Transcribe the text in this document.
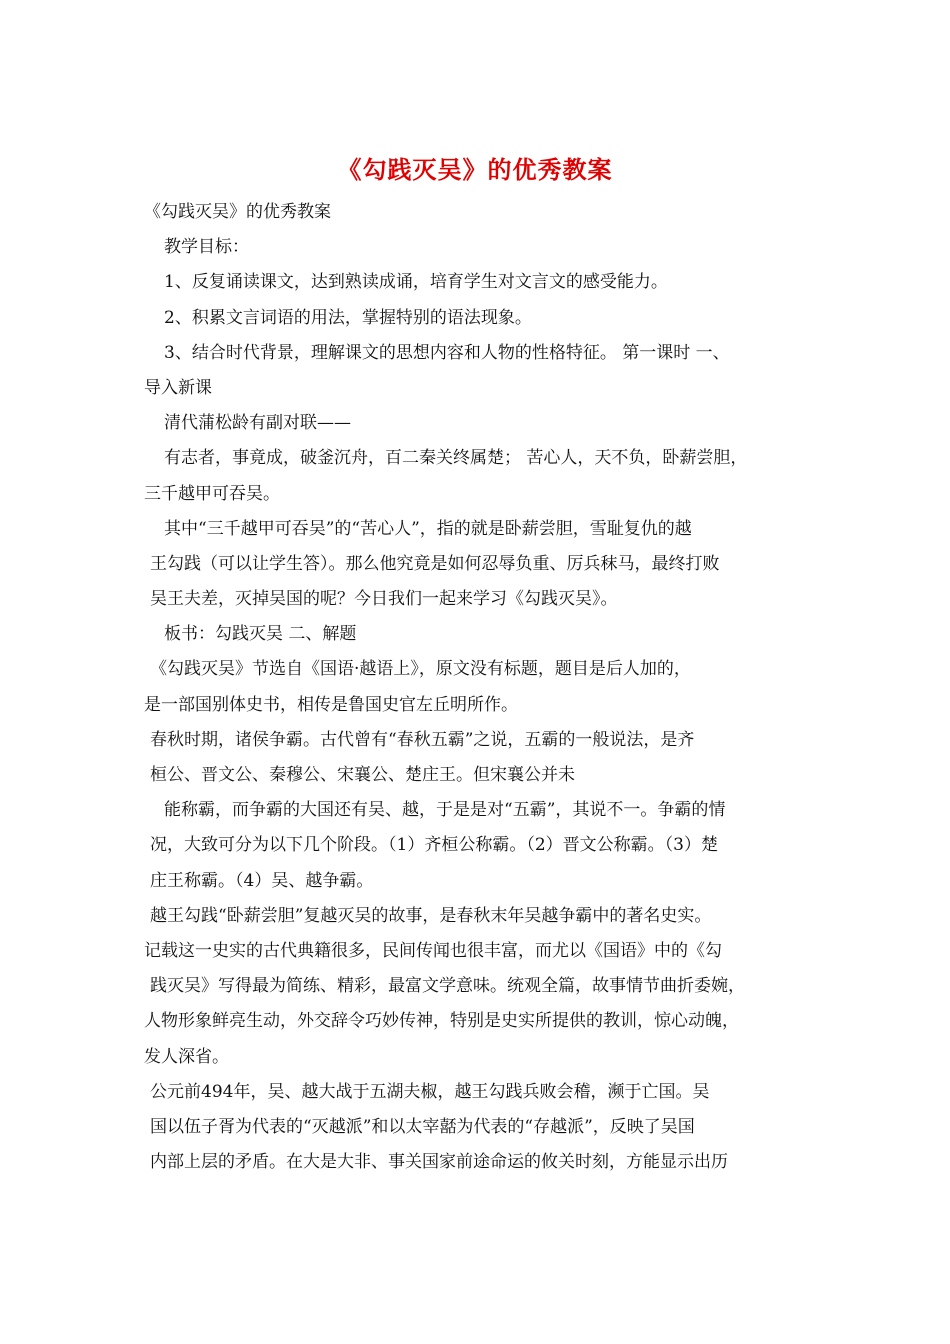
《勾践灭吴》的优秀教案
《勾践灭吴》的优秀教案
教学目标：
1、反复诵读课文，达到熟读成诵，培育学生对文言文的感受能力。
2、积累文言词语的用法，掌握特别的语法现象。
3、结合时代背景，理解课文的思想内容和人物的性格特征。 第一课时 一、
导入新课
清代蒲松龄有副对联——
有志者，事竟成，破釜沉舟，百二秦关终属楚； 苦心人，天不负，卧薪尝胆，
三千越甲可吞吴。
其中“三千越甲可吞吴”的“苦心人”，指的就是卧薪尝胆，雪耻复仇的越
王勾践（可以让学生答）。那么他究竟是如何忍辱负重、厉兵秣马，最终打败
吴王夫差，灭掉吴国的呢？今日我们一起来学习《勾践灭吴》。
板书：勾践灭吴 二、解题
《勾践灭吴》节选自《国语·越语上》，原文没有标题，题目是后人加的，
是一部国别体史书，相传是鲁国史官左丘明所作。
春秋时期，诸侯争霸。古代曾有“春秋五霸”之说，五霸的一般说法，是齐
桓公、晋文公、秦穆公、宋襄公、楚庄王。但宋襄公并未
能称霸，而争霸的大国还有吴、越，于是是对“五霸”，其说不一。争霸的情
况，大致可分为以下几个阶段。（1）齐桓公称霸。（2）晋文公称霸。（3）楚
庄王称霸。（4）吴、越争霸。
越王勾践“卧薪尝胆”复越灭吴的故事，是春秋末年吴越争霸中的著名史实。
记载这一史实的古代典籍很多，民间传闻也很丰富，而尤以《国语》中的《勾
践灭吴》写得最为简练、精彩，最富文学意味。统观全篇，故事情节曲折委婉，
人物形象鲜亮生动，外交辞令巧妙传神，特别是史实所提供的教训，惊心动魄，
发人深省。
公元前494年，吴、越大战于五湖夫椒，越王勾践兵败会稽，濒于亡国。吴
国以伍子胥为代表的“灭越派”和以太宰嚭为代表的“存越派”，反映了吴国
内部上层的矛盾。在大是大非、事关国家前途命运的攸关时刻，方能显示出历
